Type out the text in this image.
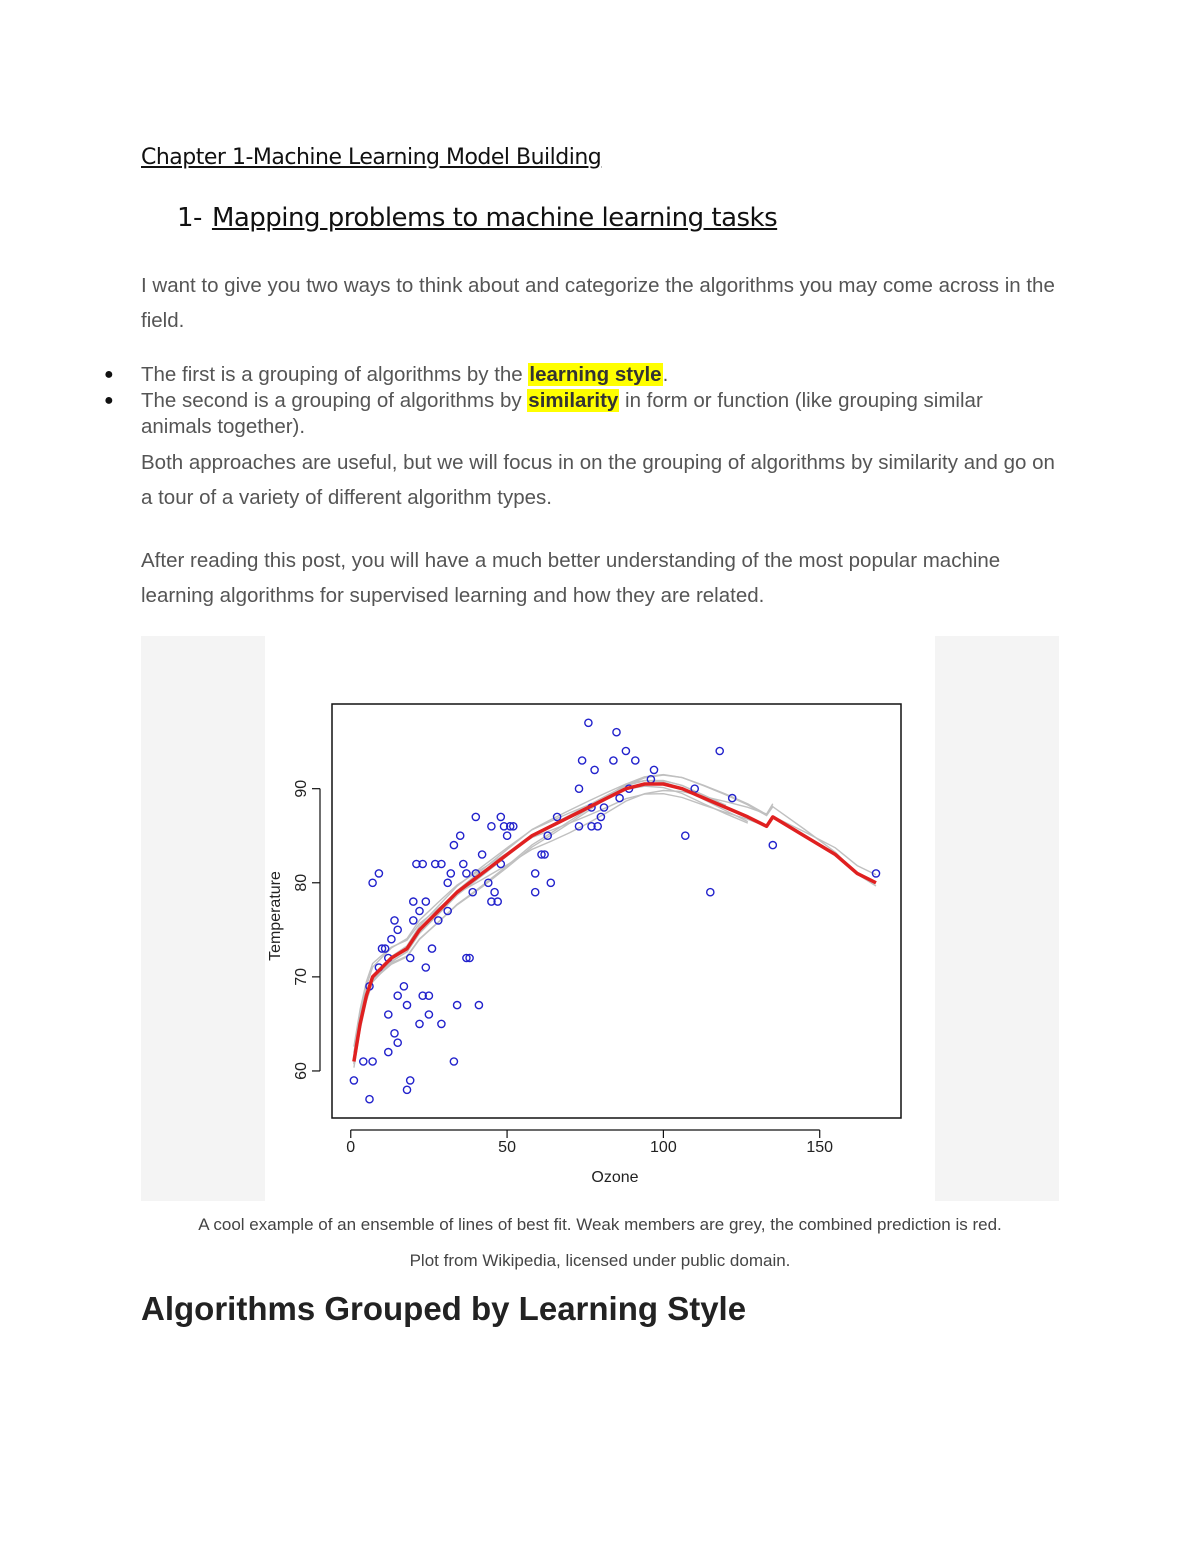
Chapter 1-Machine Learning Model Building
1- Mapping problems to machine learning tasks
I want to give you two ways to think about and categorize the algorithms you may come across in the field.
●	The first is a grouping of algorithms by the learning style.
●	The second is a grouping of algorithms by similarity in form or function (like grouping similar animals together).
Both approaches are useful, but we will focus in on the grouping of algorithms by similarity and go on a tour of a variety of different algorithm types.
After reading this post, you will have a much better understanding of the most popular machine learning algorithms for supervised learning and how they are related.
0	50	100	150
60
70
80
90
Ozone
Temperature
A cool example of an ensemble of lines of best fit. Weak members are grey, the combined prediction is red.
Plot from Wikipedia, licensed under public domain.
Algorithms Grouped by Learning Style
